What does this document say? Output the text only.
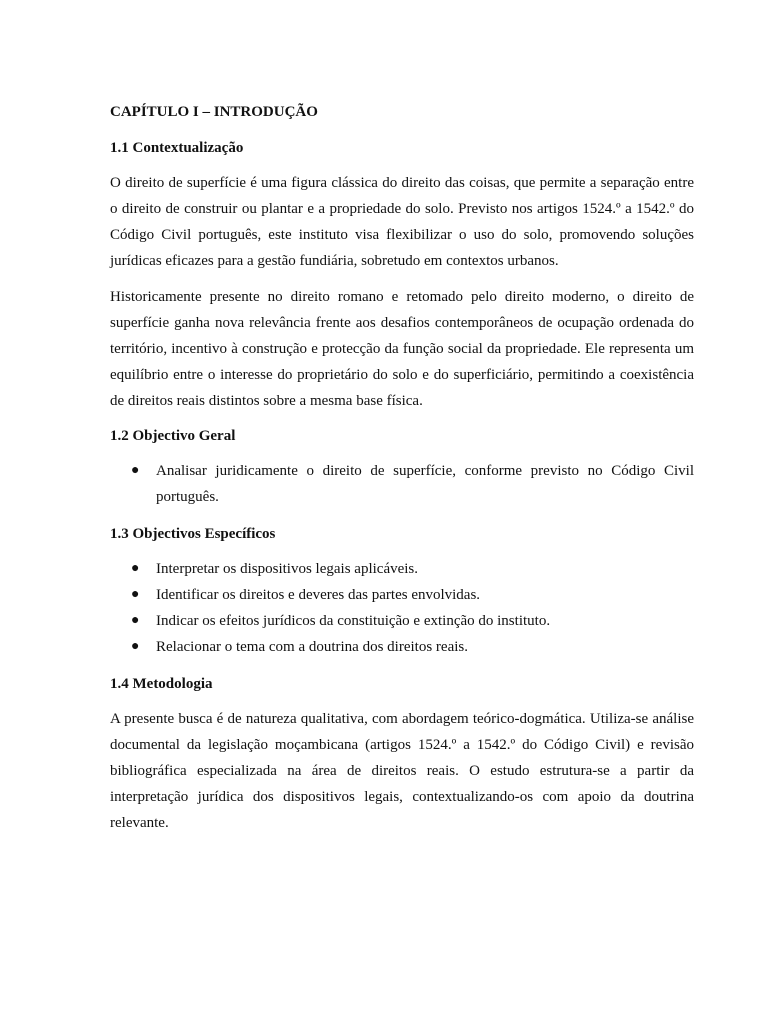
CAPÍTULO I – INTRODUÇÃO
1.1 Contextualização

O direito de superfície é uma figura clássica do direito das coisas, que permite a separação entre o direito de construir ou plantar e a propriedade do solo. Previsto nos artigos 1524.º a 1542.º do Código Civil português, este instituto visa flexibilizar o uso do solo, promovendo soluções jurídicas eficazes para a gestão fundiária, sobretudo em contextos urbanos.

Historicamente presente no direito romano e retomado pelo direito moderno, o direito de superfície ganha nova relevância frente aos desafios contemporâneos de ocupação ordenada do território, incentivo à construção e protecção da função social da propriedade. Ele representa um equilíbrio entre o interesse do proprietário do solo e do superficiário, permitindo a coexistência de direitos reais distintos sobre a mesma base física.

1.2 Objectivo Geral
● Analisar juridicamente o direito de superfície, conforme previsto no Código Civil português.
1.3 Objectivos Específicos
● Interpretar os dispositivos legais aplicáveis.
● Identificar os direitos e deveres das partes envolvidas.
● Indicar os efeitos jurídicos da constituição e extinção do instituto.
● Relacionar o tema com a doutrina dos direitos reais.
1.4 Metodologia

A presente busca é de natureza qualitativa, com abordagem teórico-dogmática. Utiliza-se análise documental da legislação moçambicana (artigos 1524.º a 1542.º do Código Civil) e revisão bibliográfica especializada na área de direitos reais. O estudo estrutura-se a partir da interpretação jurídica dos dispositivos legais, contextualizando-os com apoio da doutrina relevante.
